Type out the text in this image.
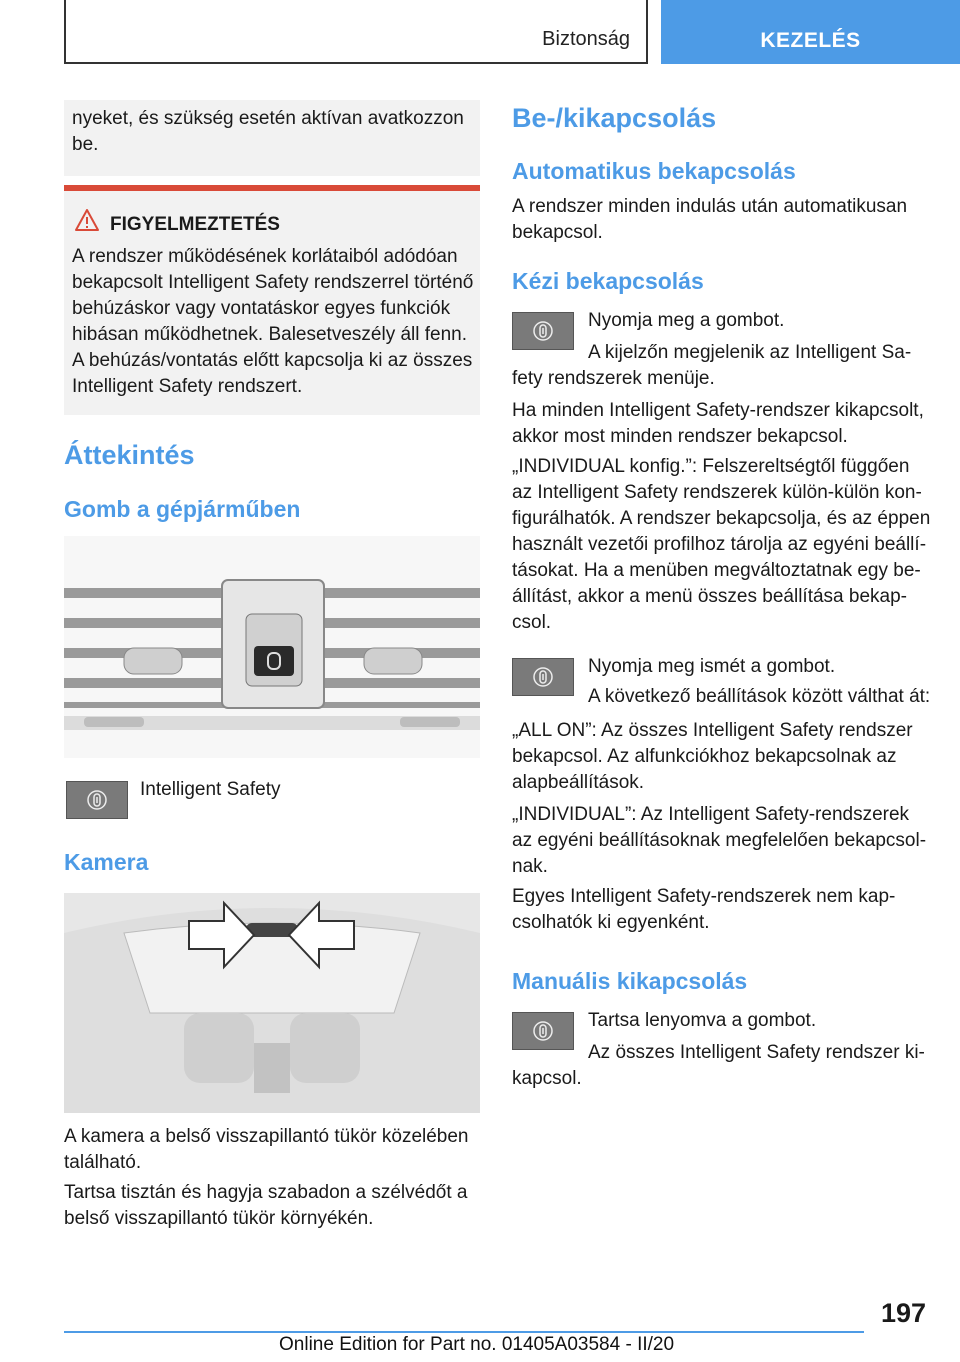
Biztonság	KEZELÉS

nyeket, és szükség esetén aktívan avatkozzon be.

FIGYELMEZTETÉS

A rendszer működésének korlátaiból adódóan bekapcsolt Intelligent Safety rendszerrel történő behúzáskor vagy vontatáskor egyes funkciók hibásan működhetnek. Balesetveszély áll fenn. A behúzás/vontatás előtt kapcsolja ki az összes Intelligent Safety rendszert.

Áttekintés
Gomb a gépjárműben
Intelligent Safety
Kamera

A kamera a belső visszapillantó tükör közelében található.

Tartsa tisztán és hagyja szabadon a szélvédőt a belső visszapillantó tükör környékén.

Be-/kikapcsolás
Automatikus bekapcsolás

A rendszer minden indulás után automatikusan bekapcsol.

Kézi bekapcsolás

Nyomja meg a gombot.

A kijelzőn megjelenik az Intelligent Safety rendszerek menüje.

Ha minden Intelligent Safety-rendszer kikapcsolt, akkor most minden rendszer bekapcsol.

„INDIVIDUAL konfig.”: Felszereltségtől függően az Intelligent Safety rendszerek külön-külön konfigurálhatók. A rendszer bekapcsolja, és az éppen használt vezetői profilhoz tárolja az egyéni beállításokat. Ha a menüben megváltoztatnak egy beállítást, akkor a menü összes beállítása bekapcsol.

Nyomja meg ismét a gombot.

A következő beállítások között válthat át:

„ALL ON”: Az összes Intelligent Safety rendszer bekapcsol. Az alfunkciókhoz bekapcsolnak az alapbeállítások.

„INDIVIDUAL”: Az Intelligent Safety-rendszerek az egyéni beállításoknak megfelelően bekapcsolnak.

Egyes Intelligent Safety-rendszerek nem kapcsolhatók ki egyenként.

Manuális kikapcsolás

Tartsa lenyomva a gombot.

Az összes Intelligent Safety rendszer kikapcsol.

197
Online Edition for Part no. 01405A03584 - II/20
